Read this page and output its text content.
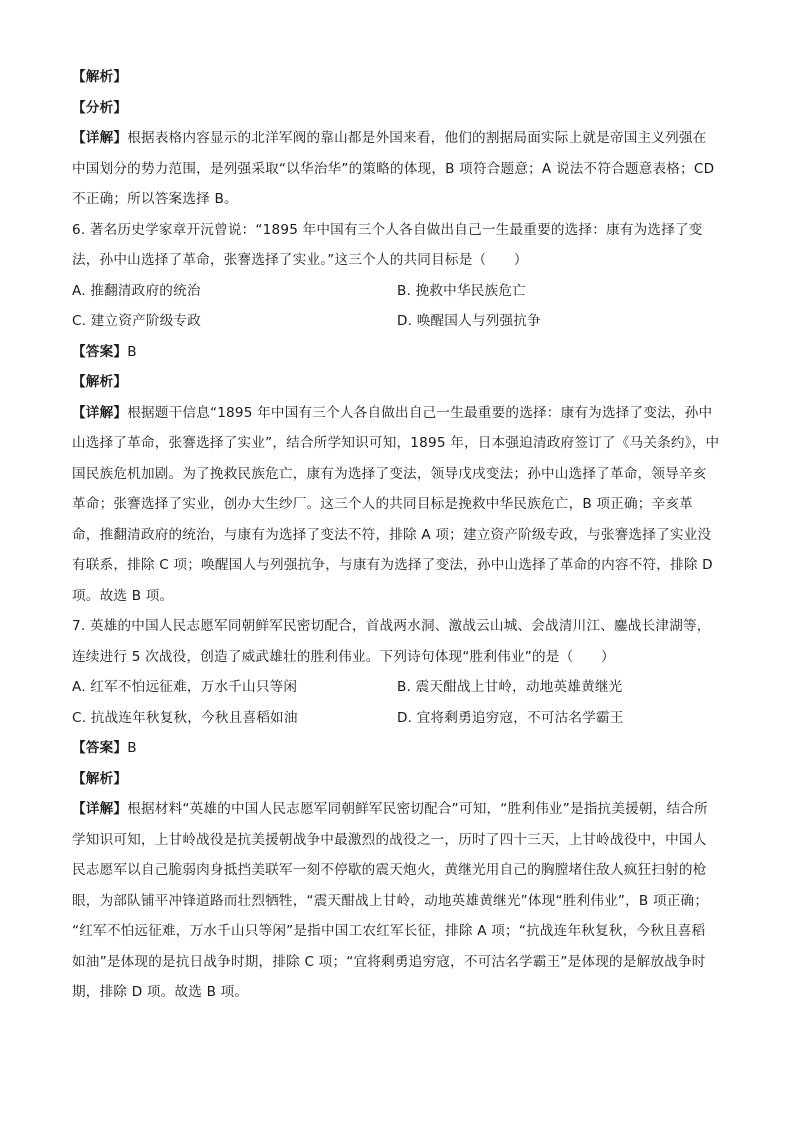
【解析】
【分析】
【详解】根据表格内容显示的北洋军阀的靠山都是外国来看，他们的割据局面实际上就是帝国主义列强在
中国划分的势力范围，是列强采取“以华治华”的策略的体现，B 项符合题意；A 说法不符合题意表格；CD
不正确；所以答案选择 B。
6. 著名历史学家章开沅曾说：“1895 年中国有三个人各自做出自己一生最重要的选择：康有为选择了变
法，孙中山选择了革命，张謇选择了实业。”这三个人的共同目标是（　　）
A. 推翻清政府的统治	B. 挽救中华民族危亡
C. 建立资产阶级专政	D. 唤醒国人与列强抗争
【答案】B
【解析】
【详解】根据题干信息“1895 年中国有三个人各自做出自己一生最重要的选择：康有为选择了变法，孙中
山选择了革命，张謇选择了实业”，结合所学知识可知，1895 年，日本强迫清政府签订了《马关条约》，中
国民族危机加剧。为了挽救民族危亡，康有为选择了变法，领导戊戌变法；孙中山选择了革命，领导辛亥
革命；张謇选择了实业，创办大生纱厂。这三个人的共同目标是挽救中华民族危亡，B 项正确；辛亥革
命，推翻清政府的统治，与康有为选择了变法不符，排除 A 项；建立资产阶级专政，与张謇选择了实业没
有联系，排除 C 项；唤醒国人与列强抗争，与康有为选择了变法，孙中山选择了革命的内容不符，排除 D
项。故选 B 项。
7. 英雄的中国人民志愿军同朝鲜军民密切配合，首战两水洞、激战云山城、会战清川江、鏖战长津湖等，
连续进行 5 次战役，创造了威武雄壮的胜利伟业。下列诗句体现“胜利伟业”的是（　　）
A. 红军不怕远征难，万水千山只等闲	B. 震天酣战上甘岭，动地英雄黄继光
C. 抗战连年秋复秋，今秋且喜稻如油	D. 宜将剩勇追穷寇，不可沽名学霸王
【答案】B
【解析】
【详解】根据材料“英雄的中国人民志愿军同朝鲜军民密切配合”可知，“胜利伟业”是指抗美援朝，结合所
学知识可知，上甘岭战役是抗美援朝战争中最激烈的战役之一，历时了四十三天，上甘岭战役中，中国人
民志愿军以自己脆弱肉身抵挡美联军一刻不停歇的震天炮火，黄继光用自己的胸膛堵住敌人疯狂扫射的枪
眼，为部队铺平冲锋道路而壮烈牺牲，“震天酣战上甘岭，动地英雄黄继光”体现“胜利伟业”，B 项正确；
“红军不怕远征难，万水千山只等闲”是指中国工农红军长征，排除 A 项；“抗战连年秋复秋，今秋且喜稻
如油”是体现的是抗日战争时期，排除 C 项；“宜将剩勇追穷寇，不可沽名学霸王”是体现的是解放战争时
期，排除 D 项。故选 B 项。
